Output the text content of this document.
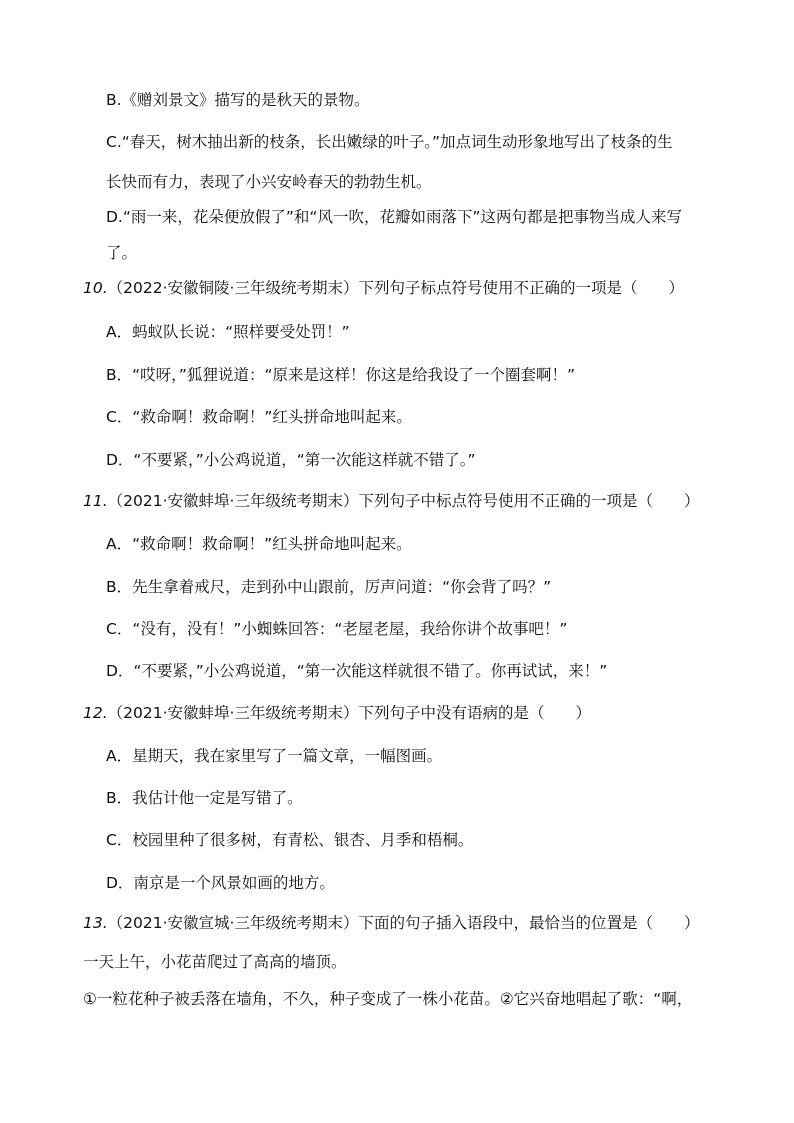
B.《赠刘景文》描写的是秋天的景物。
C.“春天，树木抽出新的枝条，长出嫩绿的叶子。”加点词生动形象地写出了枝条的生
长快而有力，表现了小兴安岭春天的勃勃生机。
D.“雨一来，花朵便放假了”和“风一吹，花瓣如雨落下”这两句都是把事物当成人来写
了。
10.（2022·安徽铜陵·三年级统考期末）下列句子标点符号使用不正确的一项是（　　）
A．蚂蚁队长说：“照样要受处罚！”
B．“哎呀，”狐狸说道：“原来是这样！你这是给我设了一个圈套啊！”
C．“救命啊！救命啊！”红头拼命地叫起来。
D．“不要紧，”小公鸡说道，“第一次能这样就不错了。”
11.（2021·安徽蚌埠·三年级统考期末）下列句子中标点符号使用不正确的一项是（　　）
A．“救命啊！救命啊！”红头拼命地叫起来。
B．先生拿着戒尺，走到孙中山跟前，厉声问道：“你会背了吗？”
C．“没有，没有！”小蜘蛛回答：“老屋老屋，我给你讲个故事吧！”
D．“不要紧，”小公鸡说道，“第一次能这样就很不错了。你再试试，来！”
12.（2021·安徽蚌埠·三年级统考期末）下列句子中没有语病的是（　　）
A．星期天，我在家里写了一篇文章，一幅图画。
B．我估计他一定是写错了。
C．校园里种了很多树，有青松、银杏、月季和梧桐。
D．南京是一个风景如画的地方。
13.（2021·安徽宣城·三年级统考期末）下面的句子插入语段中，最恰当的位置是（　　）
一天上午，小花苗爬过了高高的墙顶。
①一粒花种子被丢落在墙角，不久，种子变成了一株小花苗。②它兴奋地唱起了歌：“啊，
